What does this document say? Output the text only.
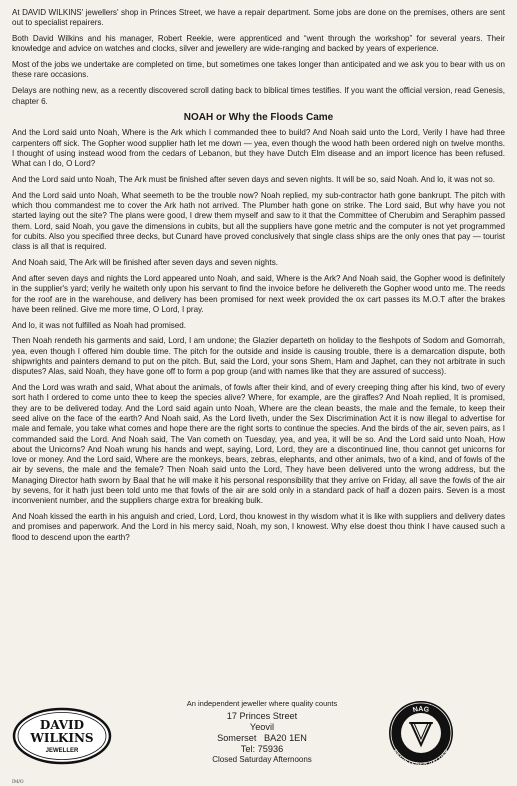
At DAVID WILKINS' jewellers' shop in Princes Street, we have a repair department. Some jobs are done on the premises, others are sent out to specialist repairers.

Both David Wilkins and his manager, Robert Reekie, were apprenticed and “went through the workshop” for several years. Their knowledge and advice on watches and clocks, silver and jewellery are wide-ranging and backed by years of experience.

Most of the jobs we undertake are completed on time, but sometimes one takes longer than anticipated and we ask you to bear with us on these rare occasions.

Delays are nothing new, as a recently discovered scroll dating back to biblical times testifies. If you want the official version, read Genesis, chapter 6.

NOAH or Why the Floods Came

And the Lord said unto Noah, Where is the Ark which I commanded thee to build? And Noah said unto the Lord, Verily I have had three carpenters off sick. The Gopher wood supplier hath let me down — yea, even though the wood hath been ordered nigh on twelve months. I thought of using instead wood from the cedars of Lebanon, but they have Dutch Elm disease and an import licence has been refused. What can I do, O Lord?

And the Lord said unto Noah, The Ark must be finished after seven days and seven nights. It will be so, said Noah. And lo, it was not so.

And the Lord said unto Noah, What seemeth to be the trouble now? Noah replied, my sub-contractor hath gone bankrupt. The pitch with which thou commandest me to cover the Ark hath not arrived. The Plumber hath gone on strike. The Lord said, But why have you not started laying out the site? The plans were good, I drew them myself and saw to it that the Committee of Cherubim and Seraphim passed them. Lord, said Noah, you gave the dimensions in cubits, but all the suppliers have gone metric and the computer is not yet programmed for cubits. Also you specified three decks, but Cunard have proved conclusively that single class ships are the only ones that pay — tourist class is all that is required.

And Noah said, The Ark will be finished after seven days and seven nights.

And after seven days and nights the Lord appeared unto Noah, and said, Where is the Ark? And Noah said, the Gopher wood is definitely in the supplier's yard; verily he waiteth only upon his servant to find the invoice before he delivereth the Gopher wood unto me. The reeds for the roof are in the warehouse, and delivery has been promised for next week provided the ox cart passes its M.O.T after the brakes have been relined. Give me more time, O Lord, I pray.

And lo, it was not fulfilled as Noah had promised.

Then Noah rendeth his garments and said, Lord, I am undone; the Glazier departeth on holiday to the fleshpots of Sodom and Gomorrah, yea, even though I offered him double time. The pitch for the outside and inside is causing trouble, there is a demarcation dispute, both shipwrights and painters demand to put on the pitch. But, said the Lord, your sons Shem, Ham and Japhet, can they not arbitrate in such disputes? Alas, said Noah, they have gone off to form a pop group (and with names like that they are assured of success).

And the Lord was wrath and said, What about the animals, of fowls after their kind, and of every creeping thing after his kind, two of every sort hath I ordered to come unto thee to keep the species alive? Where, for example, are the giraffes? And Noah replied, It is promised, they are to be delivered today. And the Lord said again unto Noah, Where are the clean beasts, the male and the female, to keep their seed alive on the face of the earth? And Noah said, As the Lord liveth, under the Sex Discrimination Act it is now illegal to advertise for male and female, you take what comes and hope there are the right sorts to continue the species. And the birds of the air, seven pairs, as I commanded said the Lord. And Noah said, The Van cometh on Tuesday, yea, and yea, it will be so. And the Lord said unto Noah, How about the Unicorns? And Noah wrung his hands and wept, saying, Lord, Lord, they are a discontinued line, thou cannot get unicorns for love or money. And the Lord said, Where are the monkeys, bears, zebras, elephants, and other animals, two of a kind, and of fowls of the air by sevens, the male and the female? Then Noah said unto the Lord, They have been delivered unto the wrong address, but the Managing Director hath sworn by Baal that he will make it his personal responsibility that they arrive on Friday, all save the fowls of the air by sevens, for it hath just been told unto me that fowls of the air are sold only in a standard pack of half a dozen pairs. Seven is a most inconvenient number, and the suppliers charge extra for breaking bulk.

And Noah kissed the earth in his anguish and cried, Lord, Lord, thou knowest in thy wisdom what it is like with suppliers and delivery dates and promises and paperwork. And the Lord in his mercy said, Noah, my son, I knowest. Why else doest thou think I have caused such a flood to descend upon the earth?

DAVID
WILKINS
JEWELLER
An independent jeweller where quality counts
17 Princes Street
Yeovil
Somerset   BA20 1EN
Tel: 75936
Closed Saturday Afternoons
NAG
REGISTERED VALUER
IM/O
